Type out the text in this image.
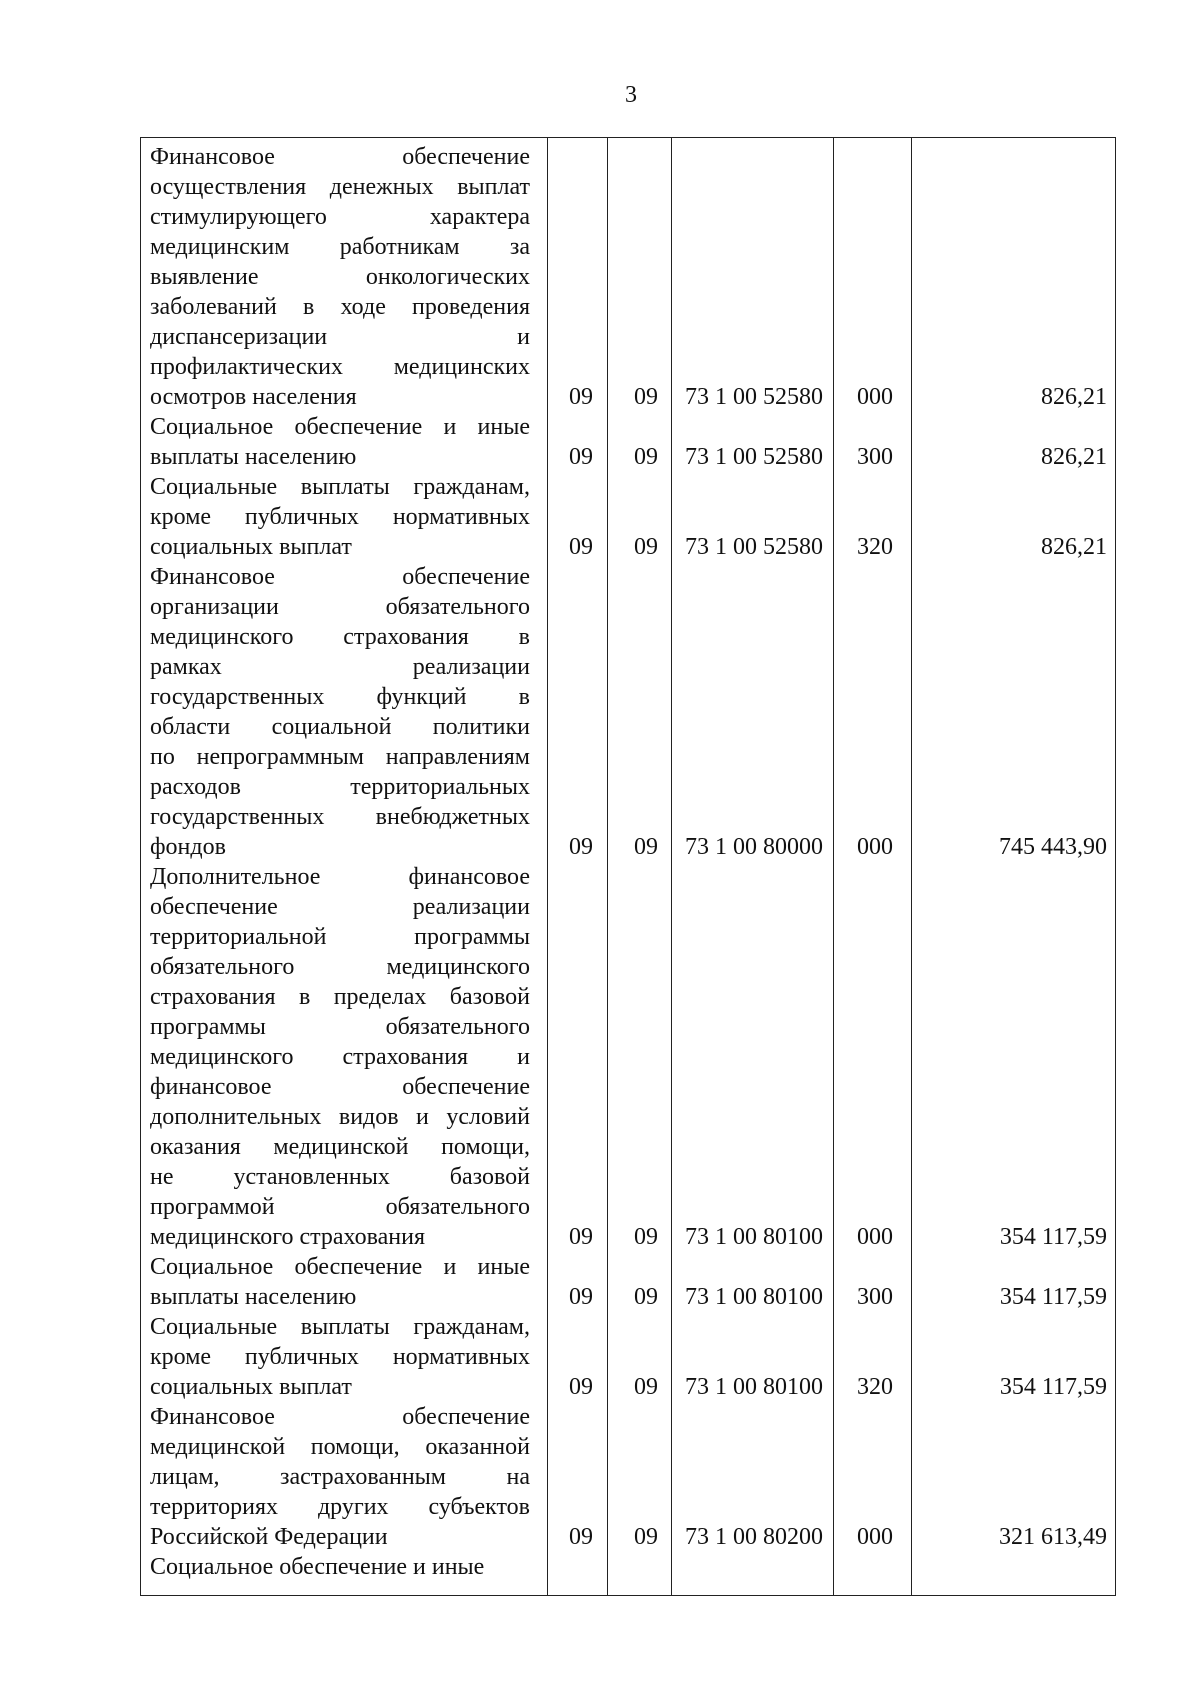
3
Финансовое обеспечение
осуществления денежных выплат
стимулирующего характера
медицинским работникам за
выявление онкологических
заболеваний в ходе проведения
диспансеризации и
профилактических медицинских
осмотров населения	09	09	73 1 00 52580	000	826,21
Социальное обеспечение и иные
выплаты населению	09	09	73 1 00 52580	300	826,21
Социальные выплаты гражданам,
кроме публичных нормативных
социальных выплат	09	09	73 1 00 52580	320	826,21
Финансовое обеспечение
организации обязательного
медицинского страхования в
рамках реализации
государственных функций в
области социальной политики
по непрограммным направлениям
расходов территориальных
государственных внебюджетных
фондов	09	09	73 1 00 80000	000	745 443,90
Дополнительное финансовое
обеспечение реализации
территориальной программы
обязательного медицинского
страхования в пределах базовой
программы обязательного
медицинского страхования и
финансовое обеспечение
дополнительных видов и условий
оказания медицинской помощи,
не установленных базовой
программой обязательного
медицинского страхования	09	09	73 1 00 80100	000	354 117,59
Социальное обеспечение и иные
выплаты населению	09	09	73 1 00 80100	300	354 117,59
Социальные выплаты гражданам,
кроме публичных нормативных
социальных выплат	09	09	73 1 00 80100	320	354 117,59
Финансовое обеспечение
медицинской помощи, оказанной
лицам, застрахованным на
территориях других субъектов
Российской Федерации	09	09	73 1 00 80200	000	321 613,49
Социальное обеспечение и иные
